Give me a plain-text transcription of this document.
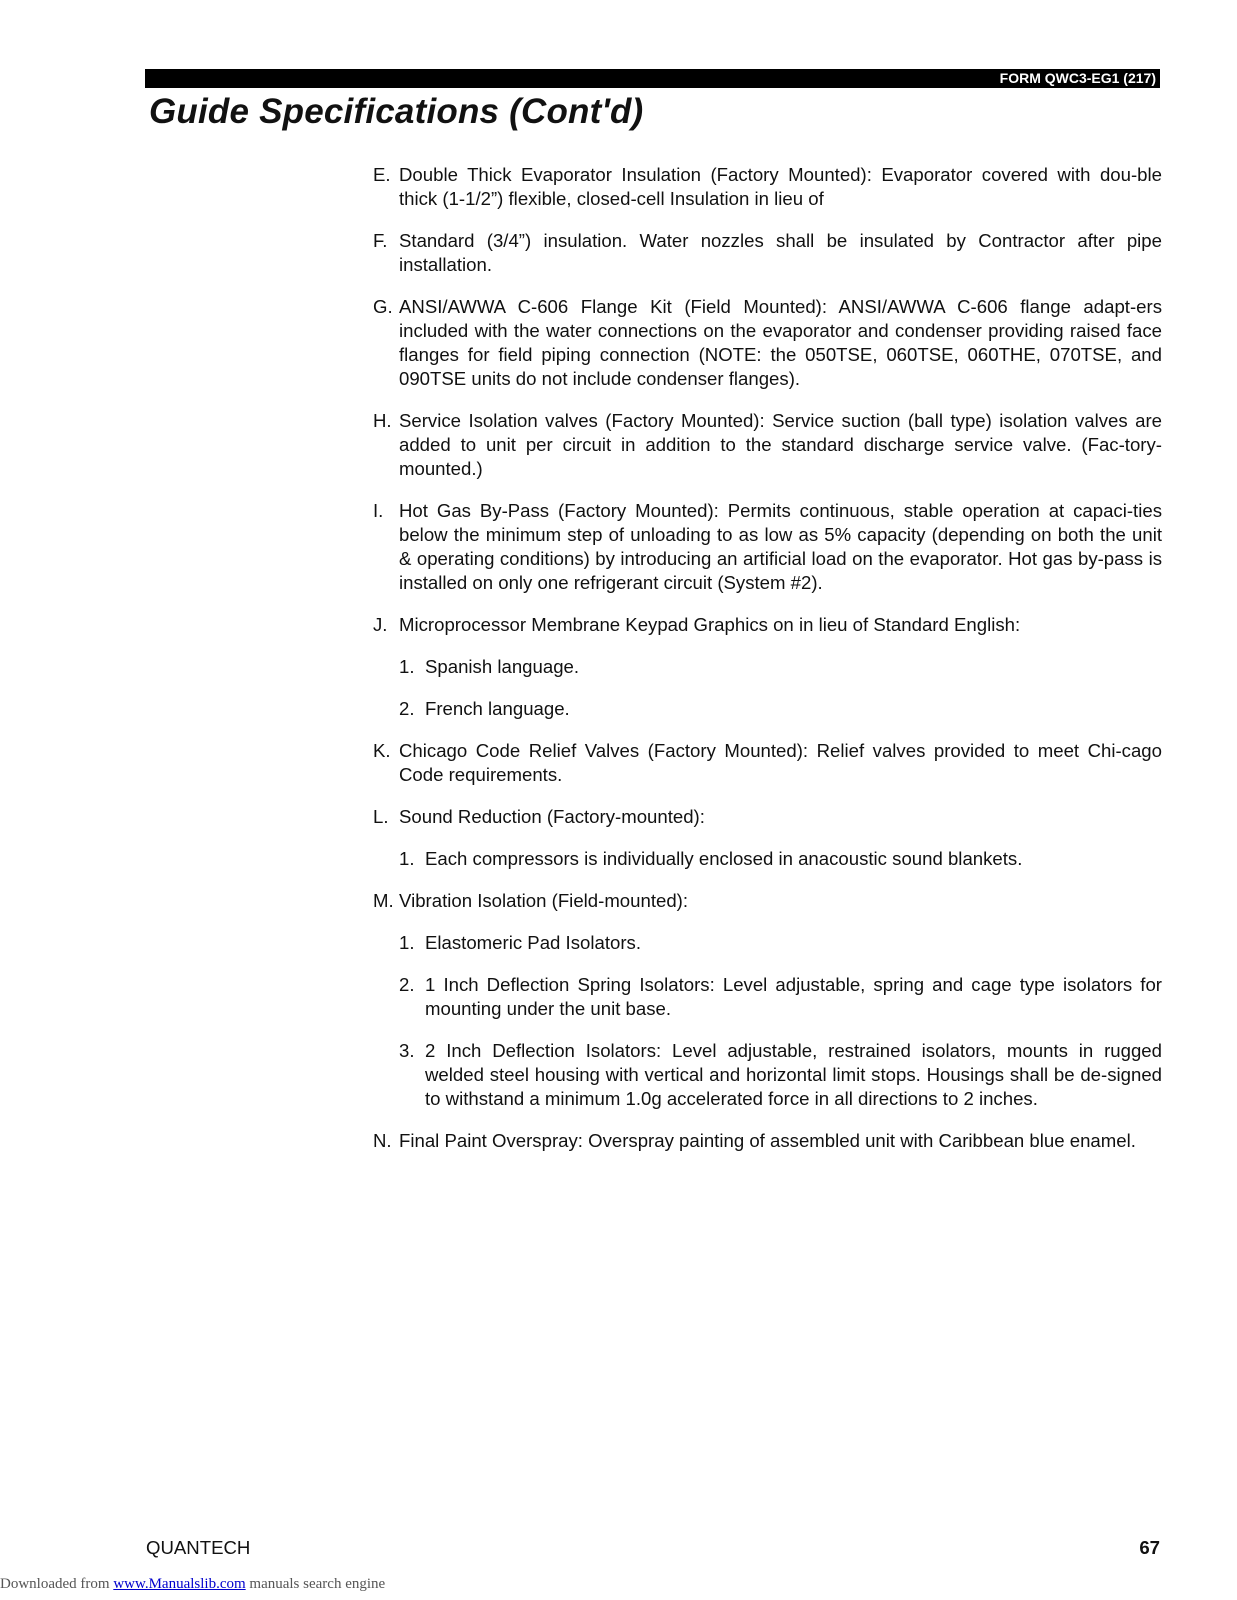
FORM QWC3-EG1 (217)
Guide Specifications (Cont'd)
E. Double Thick Evaporator Insulation (Factory Mounted): Evaporator covered with dou-ble thick (1-1/2”) flexible, closed-cell Insulation in lieu of
F. Standard (3/4”) insulation. Water nozzles shall be insulated by Contractor after pipe installation.
G. ANSI/AWWA C-606 Flange Kit (Field Mounted): ANSI/AWWA C-606 flange adapt-ers included with the water connections on the evaporator and condenser providing raised face flanges for field piping connection (NOTE: the 050TSE, 060TSE, 060THE, 070TSE, and 090TSE units do not include condenser flanges).
H. Service Isolation valves (Factory Mounted): Service suction (ball type) isolation valves are added to unit per circuit in addition to the standard discharge service valve. (Fac-tory-mounted.)
I. Hot Gas By-Pass (Factory Mounted): Permits continuous, stable operation at capaci-ties below the minimum step of unloading to as low as 5% capacity (depending on both the unit & operating conditions) by introducing an artificial load on the evaporator. Hot gas by-pass is installed on only one refrigerant circuit (System #2).
J. Microprocessor Membrane Keypad Graphics on in lieu of Standard English:
1. Spanish language.
2. French language.
K. Chicago Code Relief Valves (Factory Mounted): Relief valves provided to meet Chi-cago Code requirements.
L. Sound Reduction (Factory-mounted):
1. Each compressors is individually enclosed in anacoustic sound blankets.
M. Vibration Isolation (Field-mounted):
1. Elastomeric Pad Isolators.
2. 1 Inch Deflection Spring Isolators: Level adjustable, spring and cage type isolators for mounting under the unit base.
3. 2 Inch Deflection Isolators: Level adjustable, restrained isolators, mounts in rugged welded steel housing with vertical and horizontal limit stops. Housings shall be de-signed to withstand a minimum 1.0g accelerated force in all directions to 2 inches.
N. Final Paint Overspray: Overspray painting of assembled unit with Caribbean blue enamel.
QUANTECH	67
Downloaded from www.Manualslib.com manuals search engine
